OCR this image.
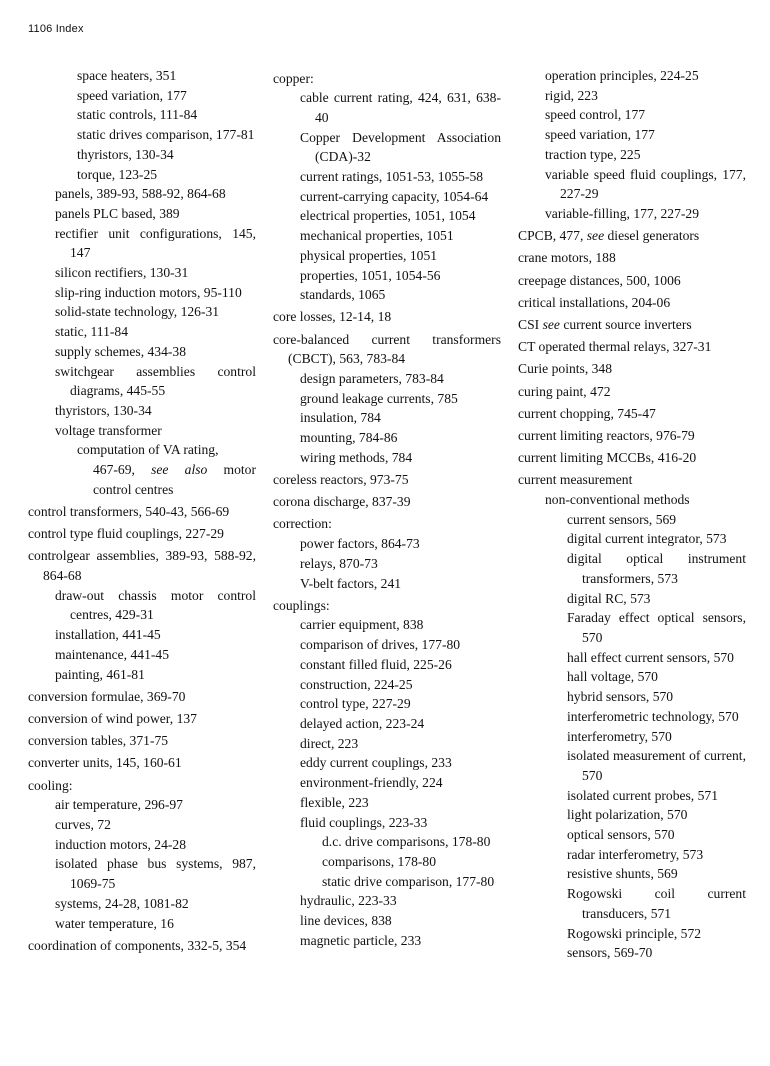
1106 Index
space heaters, 351
speed variation, 177
static controls, 111-84
static drives comparison, 177-81
thyristors, 130-34
torque, 123-25
panels, 389-93, 588-92, 864-68
panels PLC based, 389
rectifier unit configurations, 145, 147
silicon rectifiers, 130-31
slip-ring induction motors, 95-110
solid-state technology, 126-31
static, 111-84
supply schemes, 434-38
switchgear assemblies control diagrams, 445-55
thyristors, 130-34
voltage transformer
computation of VA rating,
467-69, see also motor control centres
control transformers, 540-43, 566-69
control type fluid couplings, 227-29
controlgear assemblies, 389-93, 588-92, 864-68
draw-out chassis motor control centres, 429-31
installation, 441-45
maintenance, 441-45
painting, 461-81
conversion formulae, 369-70
conversion of wind power, 137
conversion tables, 371-75
converter units, 145, 160-61
cooling:
air temperature, 296-97
curves, 72
induction motors, 24-28
isolated phase bus systems, 987, 1069-75
systems, 24-28, 1081-82
water temperature, 16
coordination of components, 332-5, 354
copper:
cable current rating, 424, 631, 638-40
Copper Development Association (CDA)-32
current ratings, 1051-53, 1055-58
current-carrying capacity, 1054-64
electrical properties, 1051, 1054
mechanical properties, 1051
physical properties, 1051
properties, 1051, 1054-56
standards, 1065
core losses, 12-14, 18
core-balanced current transformers (CBCT), 563, 783-84
design parameters, 783-84
ground leakage currents, 785
insulation, 784
mounting, 784-86
wiring methods, 784
coreless reactors, 973-75
corona discharge, 837-39
correction:
power factors, 864-73
relays, 870-73
V-belt factors, 241
couplings:
carrier equipment, 838
comparison of drives, 177-80
constant filled fluid, 225-26
construction, 224-25
control type, 227-29
delayed action, 223-24
direct, 223
eddy current couplings, 233
environment-friendly, 224
flexible, 223
fluid couplings, 223-33
d.c. drive comparisons, 178-80
comparisons, 178-80
static drive comparison, 177-80
hydraulic, 223-33
line devices, 838
magnetic particle, 233
operation principles, 224-25
rigid, 223
speed control, 177
speed variation, 177
traction type, 225
variable speed fluid couplings, 177, 227-29
variable-filling, 177, 227-29
CPCB, 477, see diesel generators
crane motors, 188
creepage distances, 500, 1006
critical installations, 204-06
CSI see current source inverters
CT operated thermal relays, 327-31
Curie points, 348
curing paint, 472
current chopping, 745-47
current limiting reactors, 976-79
current limiting MCCBs, 416-20
current measurement
non-conventional methods
current sensors, 569
digital current integrator, 573
digital optical instrument transformers, 573
digital RC, 573
Faraday effect optical sensors, 570
hall effect current sensors, 570
hall voltage, 570
hybrid sensors, 570
interferometric technology, 570
interferometry, 570
isolated measurement of current, 570
isolated current probes, 571
light polarization, 570
optical sensors, 570
radar interferometry, 573
resistive shunts, 569
Rogowski coil current transducers, 571
Rogowski principle, 572
sensors, 569-70
